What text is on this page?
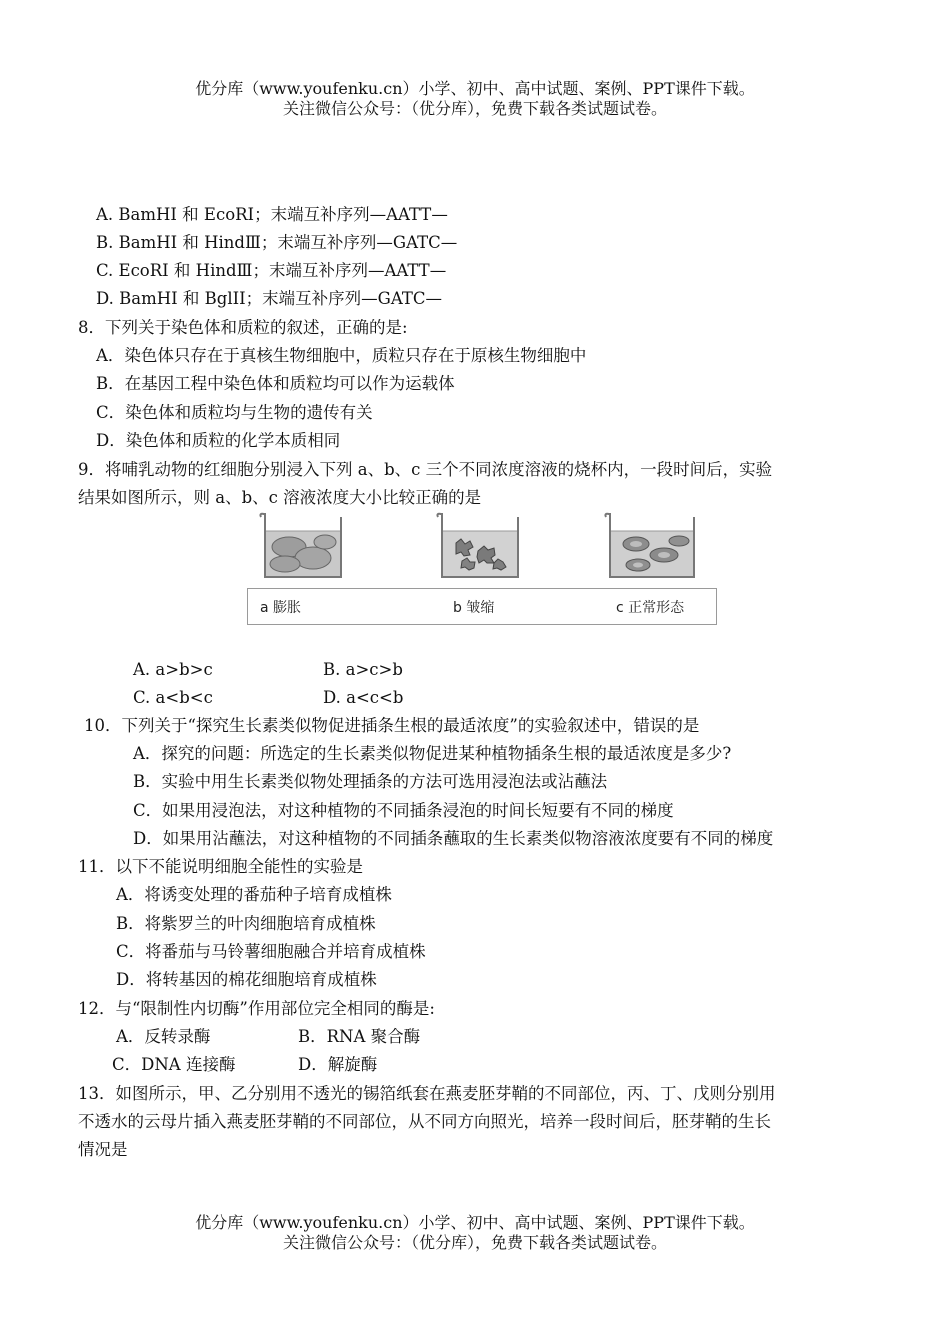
优分库（www.youfenku.cn）小学、初中、高中试题、案例、PPT课件下载。
关注微信公众号：（优分库），免费下载各类试题试卷。
A. BamHI 和 EcoRI；末端互补序列—AATT—
B. BamHI 和 HindⅢ；末端互补序列—GATC—
C. EcoRI 和 HindⅢ；末端互补序列—AATT—
D. BamHI 和 BglII；末端互补序列—GATC—
8．下列关于染色体和质粒的叙述，正确的是:
A．染色体只存在于真核生物细胞中，质粒只存在于原核生物细胞中
B．在基因工程中染色体和质粒均可以作为运载体
C．染色体和质粒均与生物的遗传有关
D．染色体和质粒的化学本质相同
9．将哺乳动物的红细胞分别浸入下列 a、b、c 三个不同浓度溶液的烧杯内，一段时间后，实验
结果如图所示，则 a、b、c 溶液浓度大小比较正确的是
a 膨胀	b 皱缩	c 正常形态
A. a>b>c	B. a>c>b
C. a<b<c	D. a<c<b
10．下列关于“探究生长素类似物促进插条生根的最适浓度”的实验叙述中，错误的是
A．探究的问题：所选定的生长素类似物促进某种植物插条生根的最适浓度是多少?
B．实验中用生长素类似物处理插条的方法可选用浸泡法或沾蘸法
C．如果用浸泡法，对这种植物的不同插条浸泡的时间长短要有不同的梯度
D．如果用沾蘸法，对这种植物的不同插条蘸取的生长素类似物溶液浓度要有不同的梯度
11．以下不能说明细胞全能性的实验是
A．将诱变处理的番茄种子培育成植株
B．将紫罗兰的叶肉细胞培育成植株
C．将番茄与马铃薯细胞融合并培育成植株
D．将转基因的棉花细胞培育成植株
12．与“限制性内切酶”作用部位完全相同的酶是:
A．反转录酶	B．RNA 聚合酶
C．DNA 连接酶	D．解旋酶
13．如图所示，甲、乙分别用不透光的锡箔纸套在燕麦胚芽鞘的不同部位，丙、丁、戊则分别用
不透水的云母片插入燕麦胚芽鞘的不同部位，从不同方向照光，培养一段时间后，胚芽鞘的生长
情况是
优分库（www.youfenku.cn）小学、初中、高中试题、案例、PPT课件下载。
关注微信公众号：（优分库），免费下载各类试题试卷。
